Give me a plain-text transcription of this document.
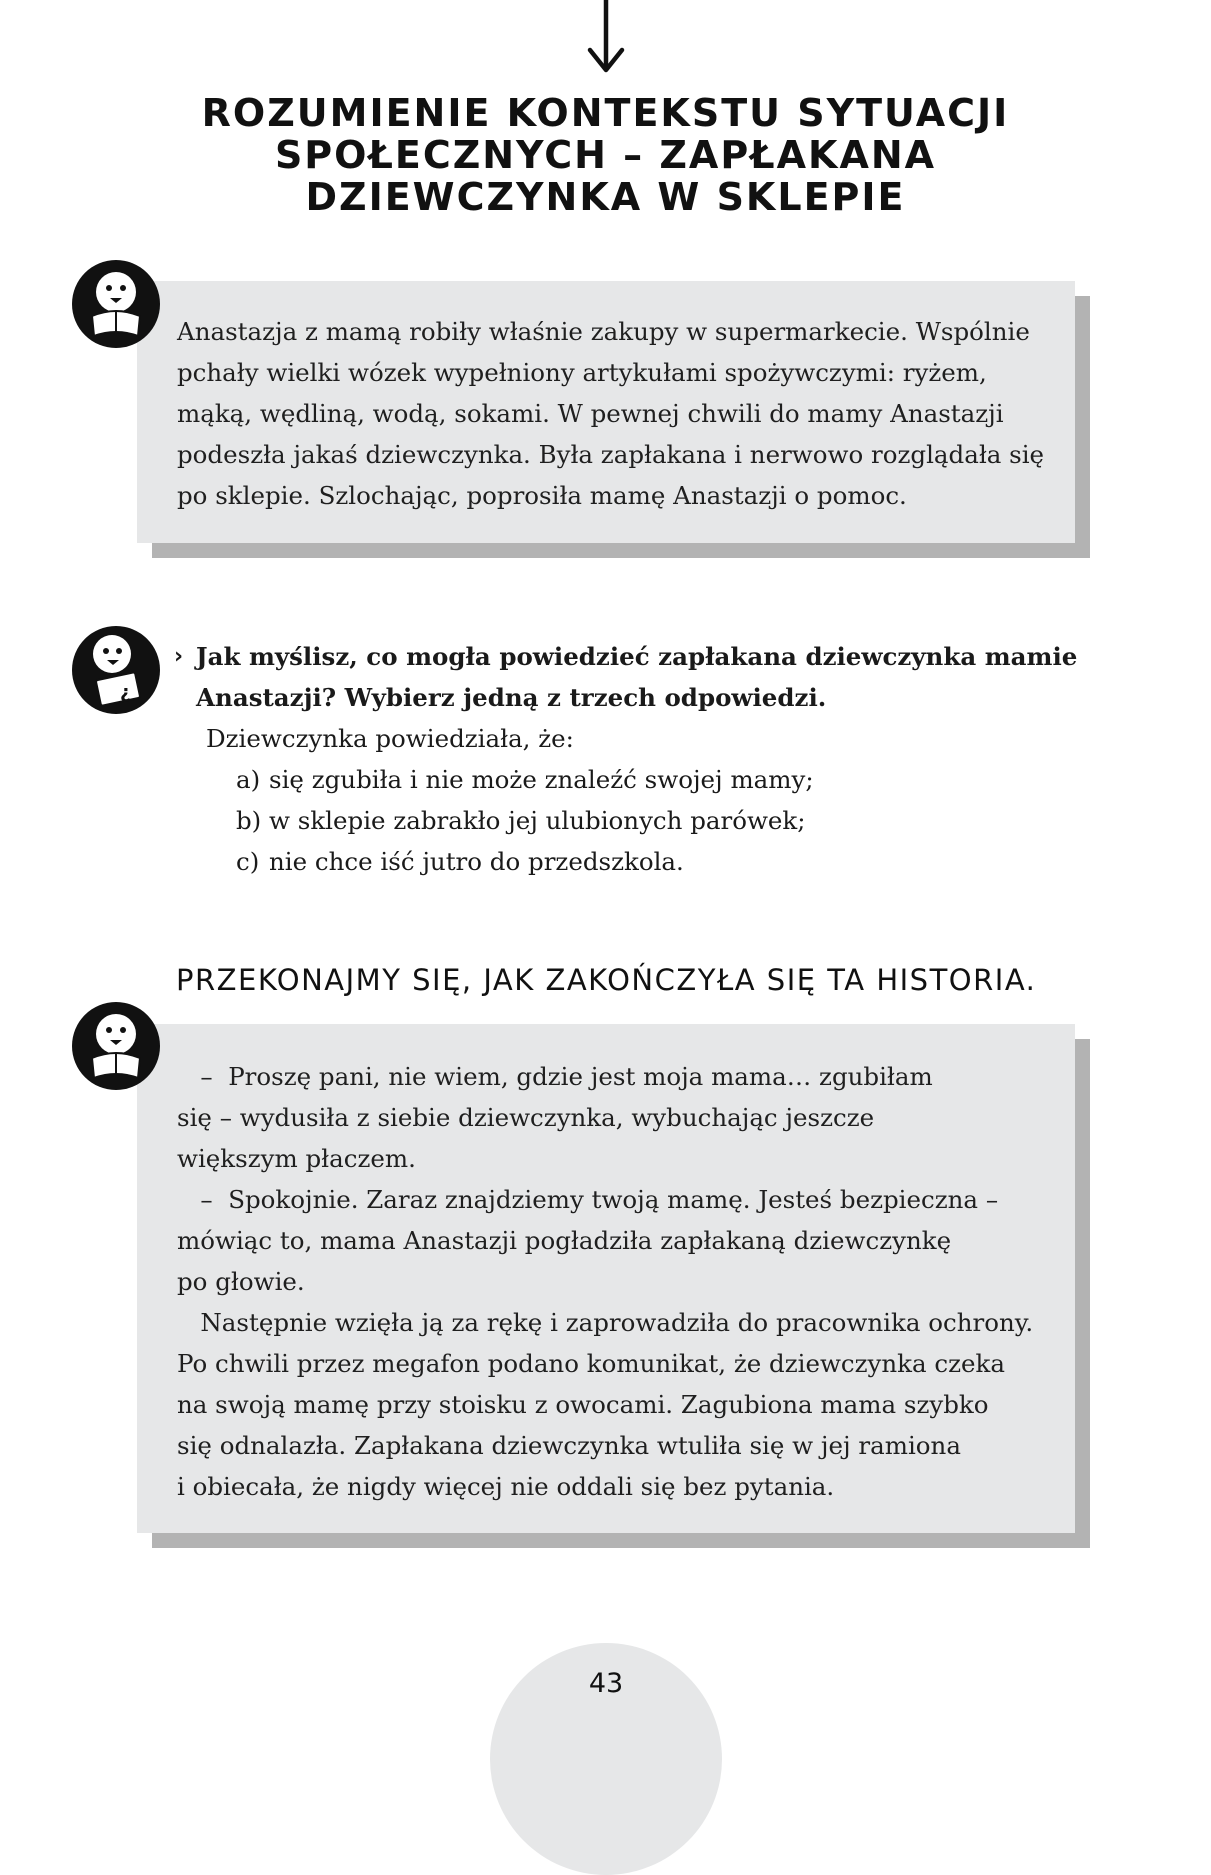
ROZUMIENIE KONTEKSTU SYTUACJI
SPOŁECZNYCH – ZAPŁAKANA
DZIEWCZYNKA W SKLEPIE

Anastazja z mamą robiły właśnie zakupy w supermarkecie. Wspólnie

pchały wielki wózek wypełniony artykułami spożywczymi: ryżem,

mąką, wędliną, wodą, sokami. W pewnej chwili do mamy Anastazji

podeszła jakaś dziewczynka. Była zapłakana i nerwowo rozglądała się

po sklepie. Szlochając, poprosiła mamę Anastazji o pomoc.

¿
› Jak myślisz, co mogła powiedzieć zapłakana dziewczynka mamie
Anastazji? Wybierz jedną z trzech odpowiedzi.
Dziewczynka powiedziała, że:
a) się zgubiła i nie może znaleźć swojej mamy;
b) w sklepie zabrakło jej ulubionych parówek;
c) nie chce iść jutro do przedszkola.
PRZEKONAJMY SIĘ, JAK ZAKOŃCZYŁA SIĘ TA HISTORIA.

–  Proszę pani, nie wiem, gdzie jest moja mama… zgubiłam

się – wydusiła z siebie dziewczynka, wybuchając jeszcze

większym płaczem.

–  Spokojnie. Zaraz znajdziemy twoją mamę. Jesteś bezpieczna –

mówiąc to, mama Anastazji pogładziła zapłakaną dziewczynkę

po głowie.

Następnie wzięła ją za rękę i zaprowadziła do pracownika ochrony.

Po chwili przez megafon podano komunikat, że dziewczynka czeka

na swoją mamę przy stoisku z owocami. Zagubiona mama szybko

się odnalazła. Zapłakana dziewczynka wtuliła się w jej ramiona

i obiecała, że nigdy więcej nie oddali się bez pytania.

43
